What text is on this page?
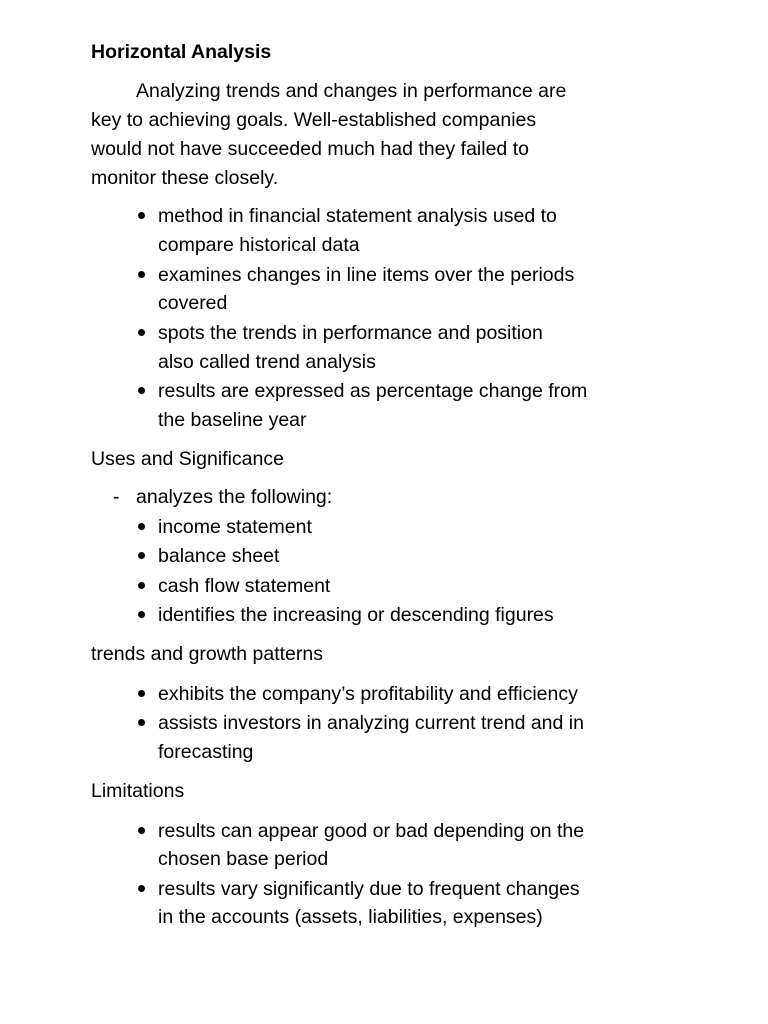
Horizontal Analysis
Analyzing trends and changes in performance are
key to achieving goals. Well-established companies
would not have succeeded much had they failed to
monitor these closely.
method in financial statement analysis used to
compare historical data
examines changes in line items over the periods
covered
spots the trends in performance and position
also called trend analysis
results are expressed as percentage change from
the baseline year
Uses and Significance
- analyzes the following:
income statement
balance sheet
cash flow statement
identifies the increasing or descending figures
trends and growth patterns
exhibits the company’s profitability and efficiency
assists investors in analyzing current trend and in
forecasting
Limitations
results can appear good or bad depending on the
chosen base period
results vary significantly due to frequent changes
in the accounts (assets, liabilities, expenses)
